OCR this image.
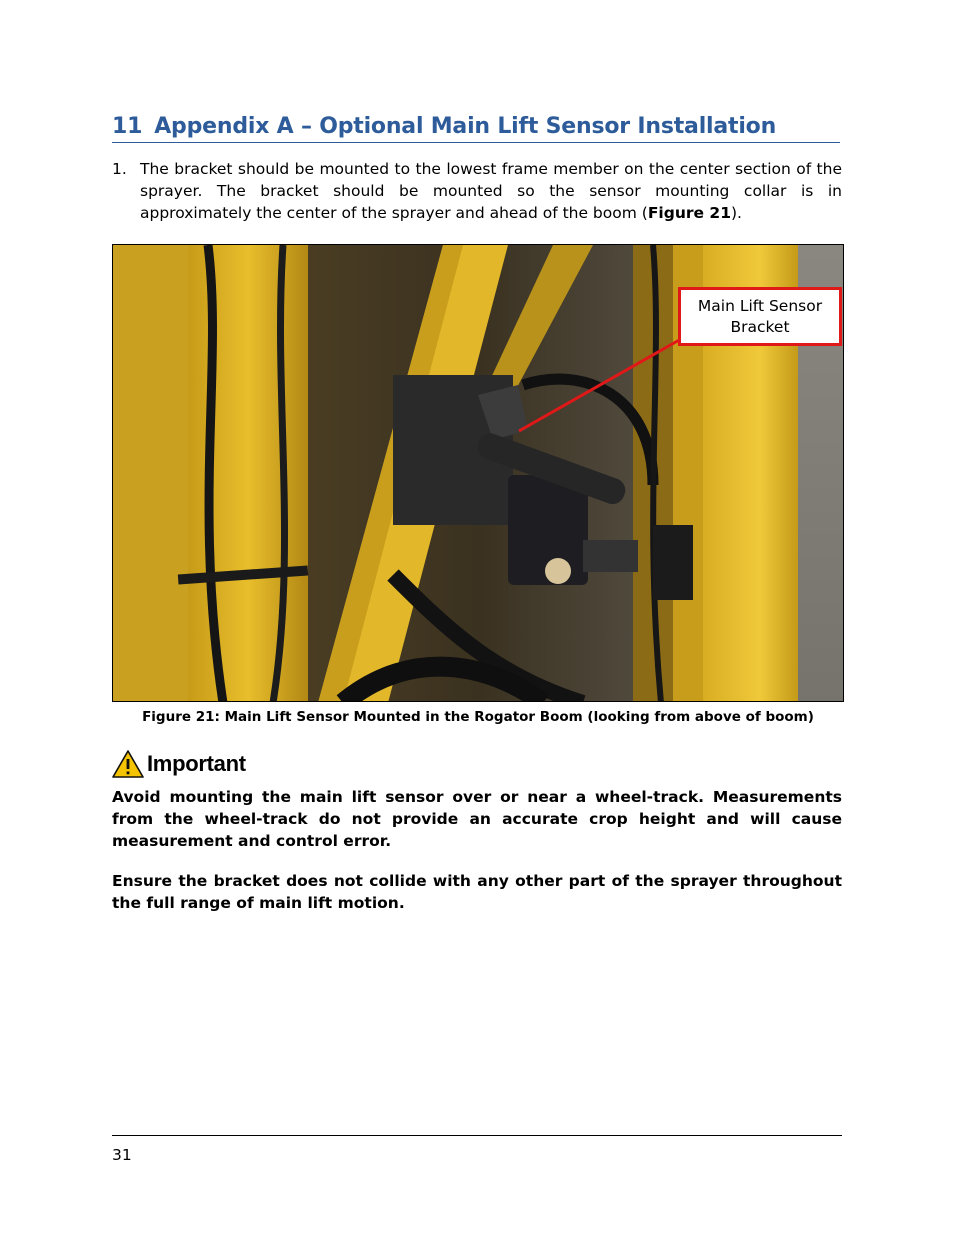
11 Appendix A – Optional Main Lift Sensor Installation
1. The bracket should be mounted to the lowest frame member on the center section of the sprayer. The bracket should be mounted so the sensor mounting collar is in approximately the center of the sprayer and ahead of the boom (Figure 21).

Main Lift Sensor Bracket

Figure 21: Main Lift Sensor Mounted in the Rogator Boom (looking from above of boom)

Important

Avoid mounting the main lift sensor over or near a wheel-track. Measurements from the wheel-track do not provide an accurate crop height and will cause measurement and control error.

Ensure the bracket does not collide with any other part of the sprayer throughout the full range of main lift motion.

31
